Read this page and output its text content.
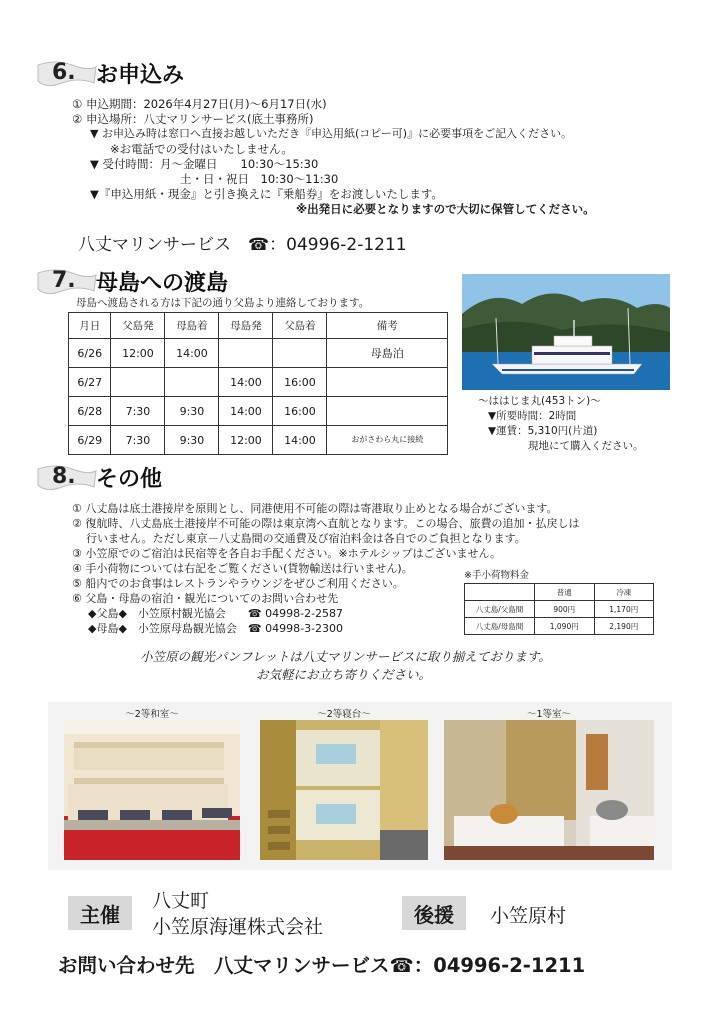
6. お申込み
① 申込期間：2026年4月27日(月)～6月17日(水)
② 申込場所：八丈マリンサービス(底土事務所)
▼ お申込み時は窓口へ直接お越しいただき『申込用紙(コピー可)』に必要事項をご記入ください。
※お電話での受付はいたしません。
▼ 受付時間：月～金曜日　　10:30～15:30
土・日・祝日　10:30～11:30
▼『申込用紙・現金』と引き換えに『乗船券』をお渡しいたします。
※出発日に必要となりますので大切に保管してください。
八丈マリンサービス　☎：04996-2-1211
7. 母島への渡島
母島へ渡島される方は下記の通り父島より連絡しております。
月日	父島発	母島着	母島発	父島着	備考
6/26	12:00	14:00			母島泊
6/27			14:00	16:00	
6/28	7:30	9:30	14:00	16:00	
6/29	7:30	9:30	12:00	14:00	おがさわら丸に接続
～ははじま丸(453トン)～
▼所要時間：2時間
▼運賃：5,310円(片道)
現地にて購入ください。
8. その他
① 八丈島は底土港接岸を原則とし、同港使用不可能の際は寄港取り止めとなる場合がございます。
② 復航時、八丈島底土港接岸不可能の際は東京湾へ直航となります。この場合、旅費の追加・払戻しは
行いません。ただし東京－八丈島間の交通費及び宿泊料金は各自でのご負担となります。
③ 小笠原でのご宿泊は民宿等を各自お手配ください。※ホテルシップはございません。
④ 手小荷物については右記をご覧ください(貨物輸送は行いません)。
⑤ 船内でのお食事はレストランやラウンジをぜひご利用ください。
⑥ 父島・母島の宿泊・観光についてのお問い合わせ先
◆父島◆　小笠原村観光協会　　☎ 04998-2-2587
◆母島◆　小笠原母島観光協会　☎ 04998-3-2300
※手小荷物料金
	普通	冷凍
八丈島/父島間	900円	1,170円
八丈島/母島間	1,090円	2,190円
小笠原の観光パンフレットは八丈マリンサービスに取り揃えております。
お気軽にお立ち寄りください。
～2等和室～	～2等寝台～	～1等室～
主催
八丈町
小笠原海運株式会社
後援	小笠原村
お問い合わせ先　八丈マリンサービス☎：04996-2-1211
